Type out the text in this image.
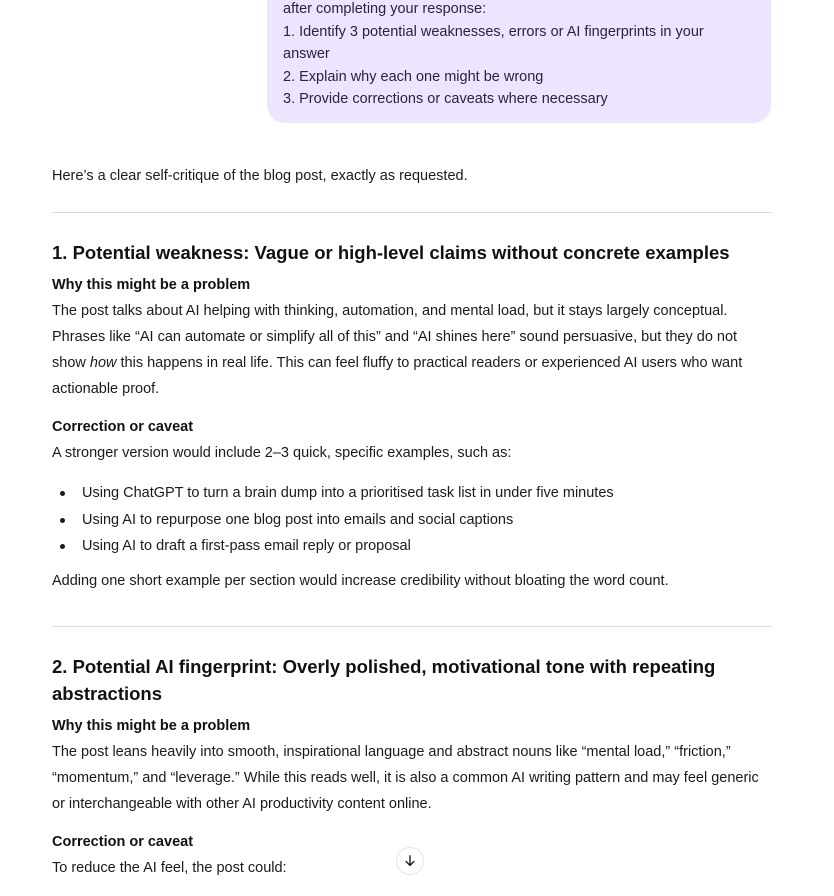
after completing your response:
1. Identify 3 potential weaknesses, errors or AI fingerprints in your
answer
2. Explain why each one might be wrong
3. Provide corrections or caveats where necessary

Here’s a clear self-critique of the blog post, exactly as requested.

1. Potential weakness: Vague or high-level claims without concrete examples
Why this might be a problem

The post talks about AI helping with thinking, automation, and mental load, but it stays largely conceptual. Phrases like “AI can automate or simplify all of this” and “AI shines here” sound persuasive, but they do not show how this happens in real life. This can feel fluffy to practical readers or experienced AI users who want actionable proof.

Correction or caveat

A stronger version would include 2–3 quick, specific examples, such as:

Using ChatGPT to turn a brain dump into a prioritised task list in under five minutes
Using AI to repurpose one blog post into emails and social captions
Using AI to draft a first-pass email reply or proposal

Adding one short example per section would increase credibility without bloating the word count.

2. Potential AI fingerprint: Overly polished, motivational tone with repeating abstractions
Why this might be a problem

The post leans heavily into smooth, inspirational language and abstract nouns like “mental load,” “friction,” “momentum,” and “leverage.” While this reads well, it is also a common AI writing pattern and may feel generic or interchangeable with other AI productivity content online.

Correction or caveat

To reduce the AI feel, the post could:
